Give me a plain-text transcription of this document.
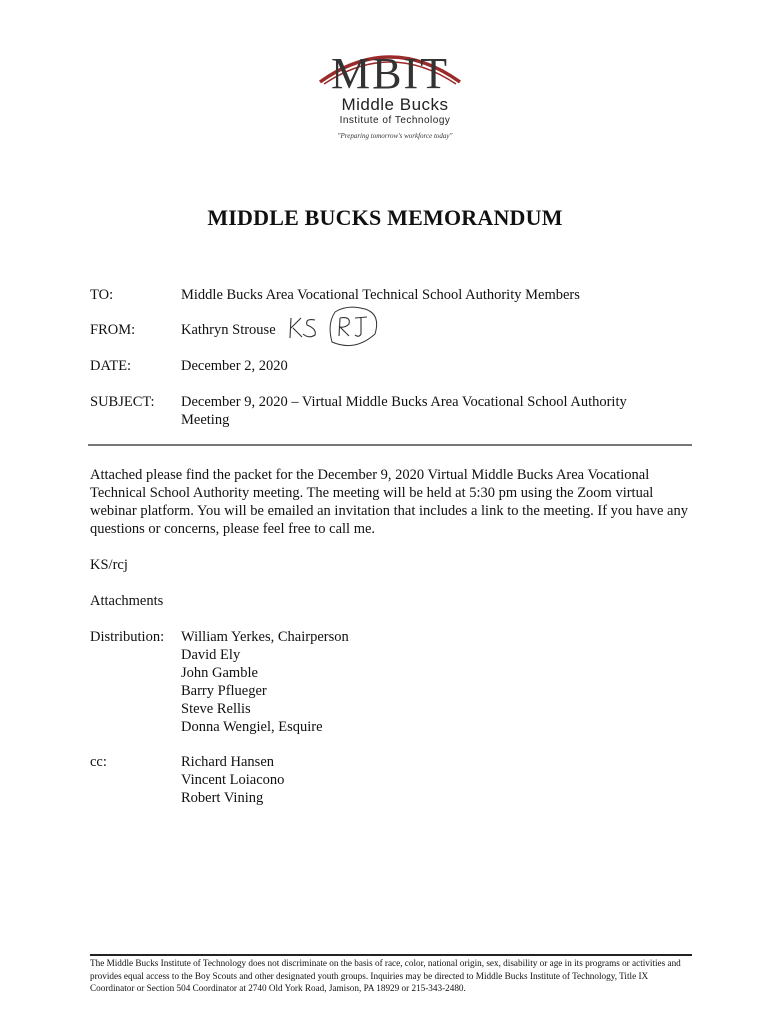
MBIT
Middle Bucks
Institute of Technology
"Preparing tomorrow's workforce today"
MIDDLE BUCKS MEMORANDUM
TO:	Middle Bucks Area Vocational Technical School Authority Members
FROM:	Kathryn Strouse
DATE:	December 2, 2020
SUBJECT:	December 9, 2020 – Virtual Middle Bucks Area Vocational School Authority Meeting
Attached please find the packet for the December 9, 2020 Virtual Middle Bucks Area Vocational Technical School Authority meeting. The meeting will be held at 5:30 pm using the Zoom virtual webinar platform. You will be emailed an invitation that includes a link to the meeting. If you have any questions or concerns, please feel free to call me.
KS/rcj
Attachments
Distribution: William Yerkes, Chairperson
David Ely
John Gamble
Barry Pflueger
Steve Rellis
Donna Wengiel, Esquire
cc:	Richard Hansen
Vincent Loiacono
Robert Vining
The Middle Bucks Institute of Technology does not discriminate on the basis of race, color, national origin, sex, disability or age in its programs or activities and provides equal access to the Boy Scouts and other designated youth groups. Inquiries may be directed to Middle Bucks Institute of Technology, Title IX Coordinator or Section 504 Coordinator at 2740 Old York Road, Jamison, PA 18929 or 215-343-2480.
